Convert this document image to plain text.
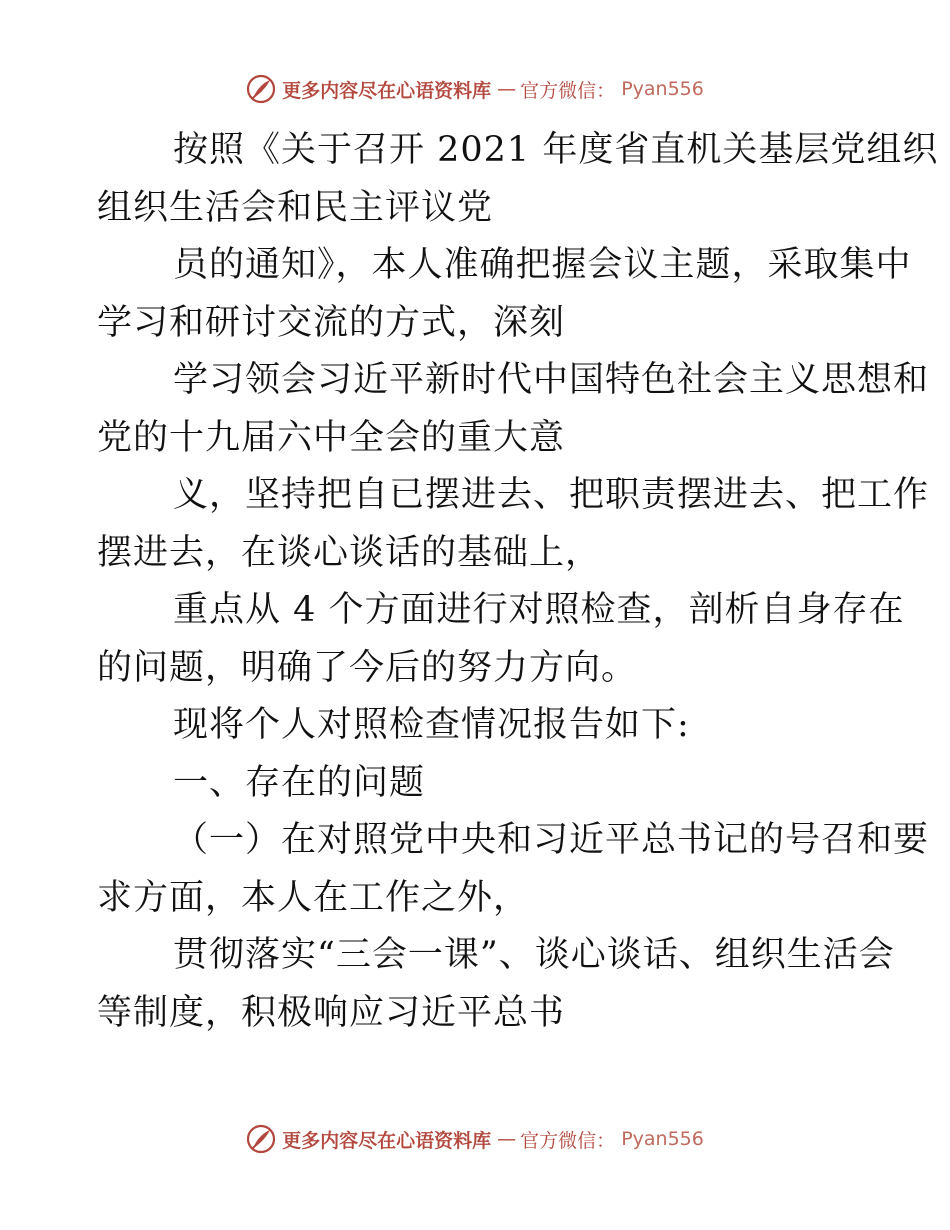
更多内容尽在心语资料库 — 官方微信： Pyan556
按照《关于召开 2021 年度省直机关基层党组织
组织生活会和民主评议党
员的通知》，本人准确把握会议主题，采取集中
学习和研讨交流的方式，深刻
学习领会习近平新时代中国特色社会主义思想和
党的十九届六中全会的重大意
义，坚持把自已摆进去、把职责摆进去、把工作
摆进去，在谈心谈话的基础上，
重点从 4 个方面进行对照检查，剖析自身存在
的问题，明确了今后的努力方向。
现将个人对照检查情况报告如下:
一、存在的问题
（一）在对照党中央和习近平总书记的号召和要
求方面，本人在工作之外，
贯彻落实“三会一课”、谈心谈话、组织生活会
等制度，积极响应习近平总书
更多内容尽在心语资料库 — 官方微信： Pyan556
